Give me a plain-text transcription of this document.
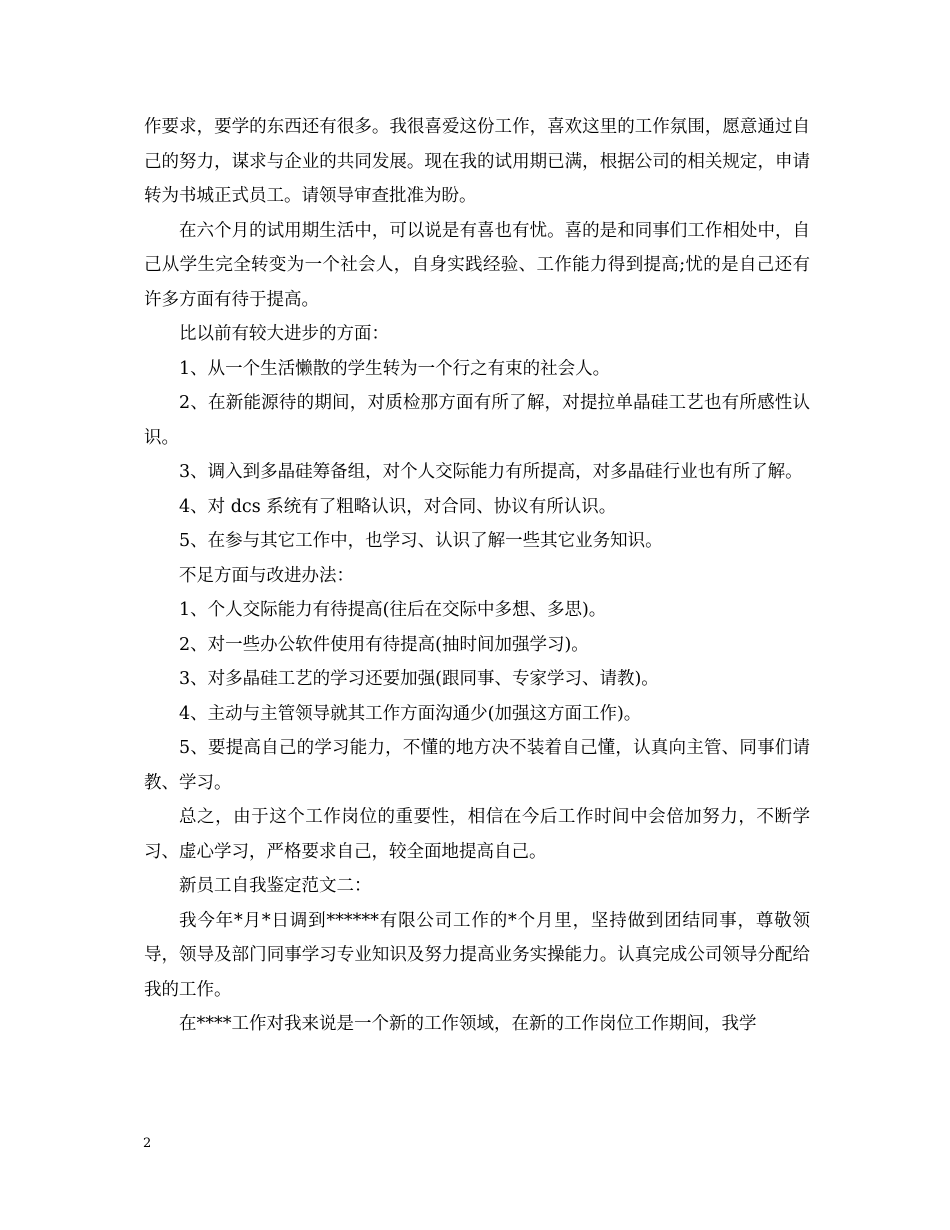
作要求，要学的东西还有很多。我很喜爱这份工作，喜欢这里的工作氛围，愿意通过自己的努力，谋求与企业的共同发展。现在我的试用期已满，根据公司的相关规定，申请转为书城正式员工。请领导审查批准为盼。

在六个月的试用期生活中，可以说是有喜也有忧。喜的是和同事们工作相处中，自己从学生完全转变为一个社会人，自身实践经验、工作能力得到提高;忧的是自己还有许多方面有待于提高。

比以前有较大进步的方面：

1、从一个生活懒散的学生转为一个行之有束的社会人。

2、在新能源待的期间，对质检那方面有所了解，对提拉单晶硅工艺也有所感性认识。

3、调入到多晶硅筹备组，对个人交际能力有所提高，对多晶硅行业也有所了解。

4、对 dcs 系统有了粗略认识，对合同、协议有所认识。

5、在参与其它工作中，也学习、认识了解一些其它业务知识。

不足方面与改进办法：

1、个人交际能力有待提高(往后在交际中多想、多思)。

2、对一些办公软件使用有待提高(抽时间加强学习)。

3、对多晶硅工艺的学习还要加强(跟同事、专家学习、请教)。

4、主动与主管领导就其工作方面沟通少(加强这方面工作)。

5、要提高自己的学习能力，不懂的地方决不装着自己懂，认真向主管、同事们请教、学习。

总之，由于这个工作岗位的重要性，相信在今后工作时间中会倍加努力，不断学习、虚心学习，严格要求自己，较全面地提高自己。

新员工自我鉴定范文二：

我今年*月*日调到******有限公司工作的*个月里，坚持做到团结同事，尊敬领导，领导及部门同事学习专业知识及努力提高业务实操能力。认真完成公司领导分配给我的工作。

在****工作对我来说是一个新的工作领域，在新的工作岗位工作期间，我学

2
